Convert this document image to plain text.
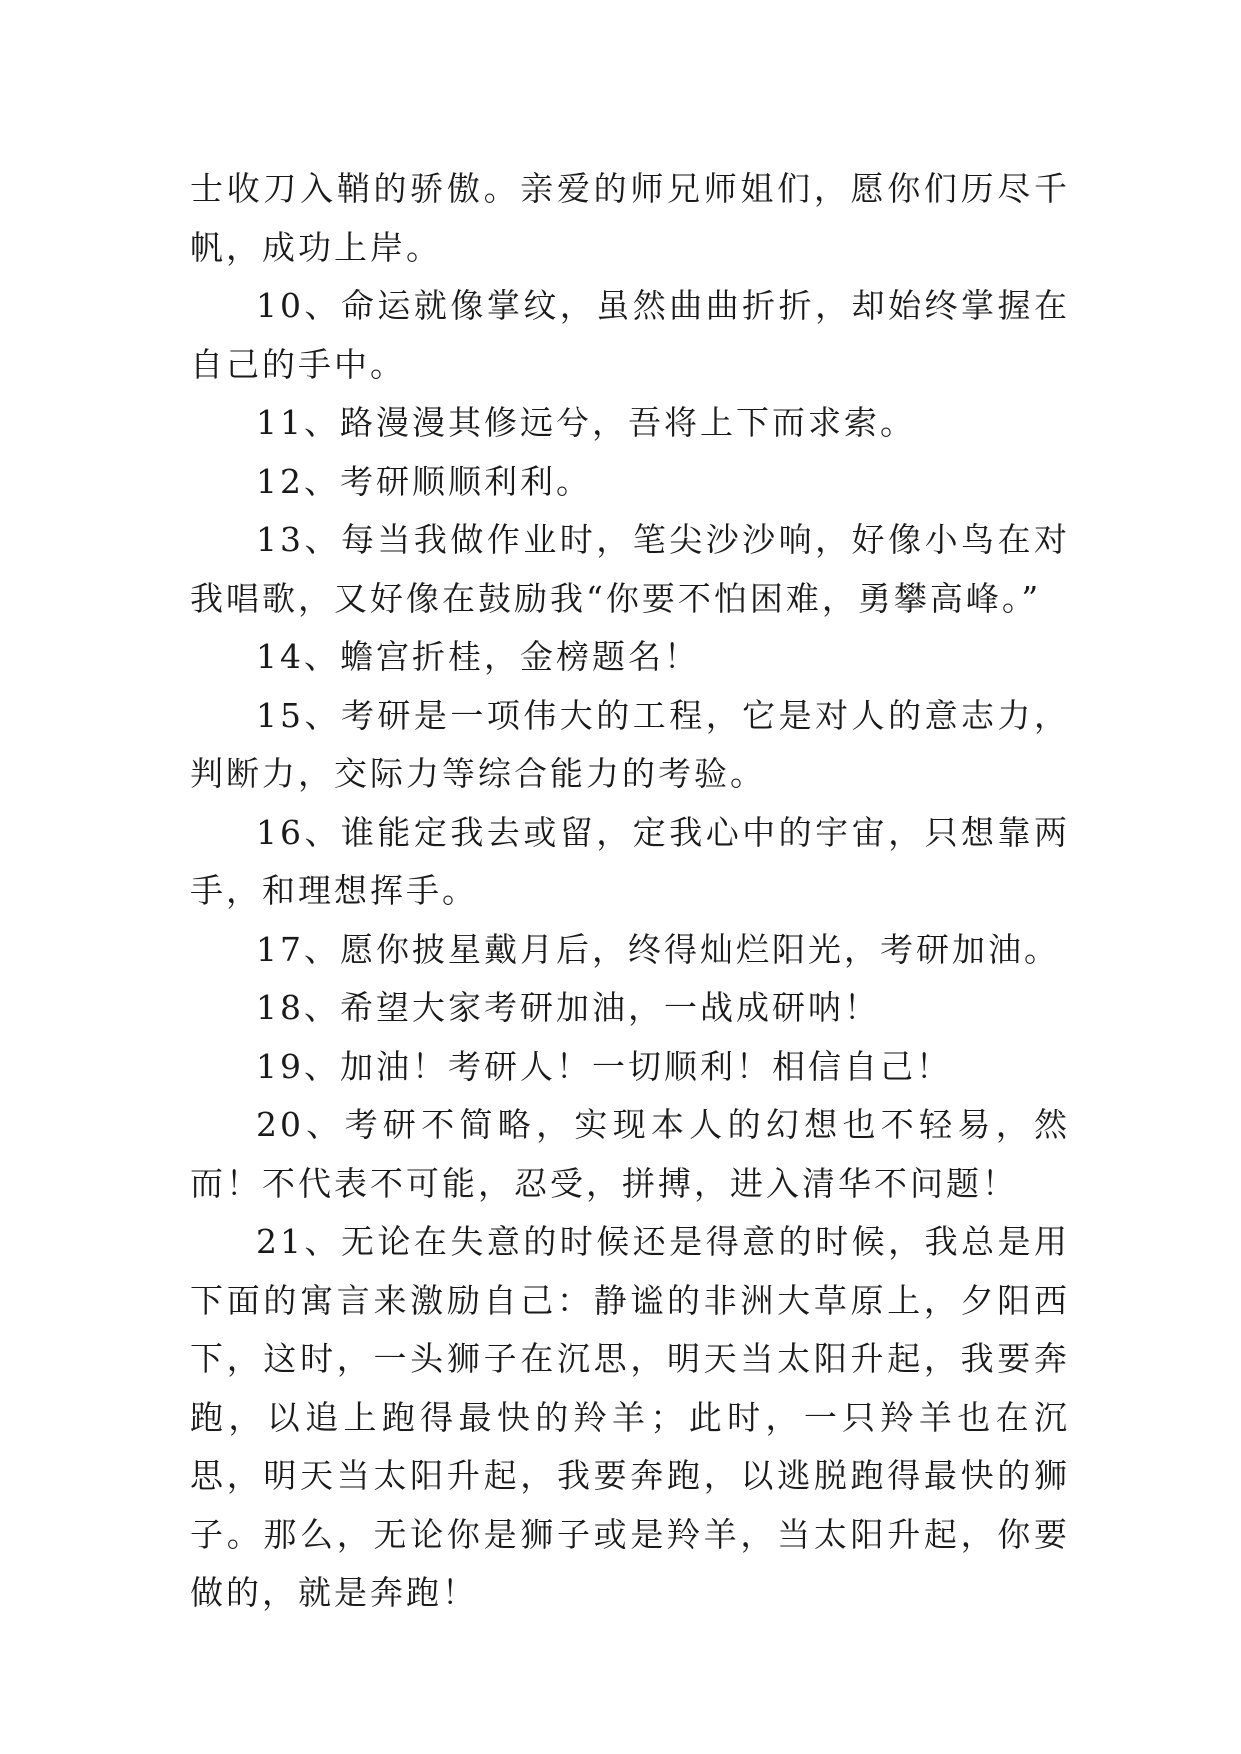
士收刀入鞘的骄傲。亲爱的师兄师姐们，愿你们历尽千帆，成功上岸。

10、命运就像掌纹，虽然曲曲折折，却始终掌握在自己的手中。

11、路漫漫其修远兮，吾将上下而求索。

12、考研顺顺利利。

13、每当我做作业时，笔尖沙沙响，好像小鸟在对我唱歌，又好像在鼓励我“你要不怕困难，勇攀高峰。”

14、蟾宫折桂，金榜题名！

15、考研是一项伟大的工程，它是对人的意志力，判断力，交际力等综合能力的考验。

16、谁能定我去或留，定我心中的宇宙，只想靠两手，和理想挥手。

17、愿你披星戴月后，终得灿烂阳光，考研加油。

18、希望大家考研加油，一战成研呐！

19、加油！考研人！一切顺利！相信自己！

20、考研不简略，实现本人的幻想也不轻易，然而！不代表不可能，忍受，拼搏，进入清华不问题！

21、无论在失意的时候还是得意的时候，我总是用下面的寓言来激励自己：静谧的非洲大草原上，夕阳西下，这时，一头狮子在沉思，明天当太阳升起，我要奔跑，以追上跑得最快的羚羊；此时，一只羚羊也在沉思，明天当太阳升起，我要奔跑，以逃脱跑得最快的狮子。那么，无论你是狮子或是羚羊，当太阳升起，你要做的，就是奔跑！
